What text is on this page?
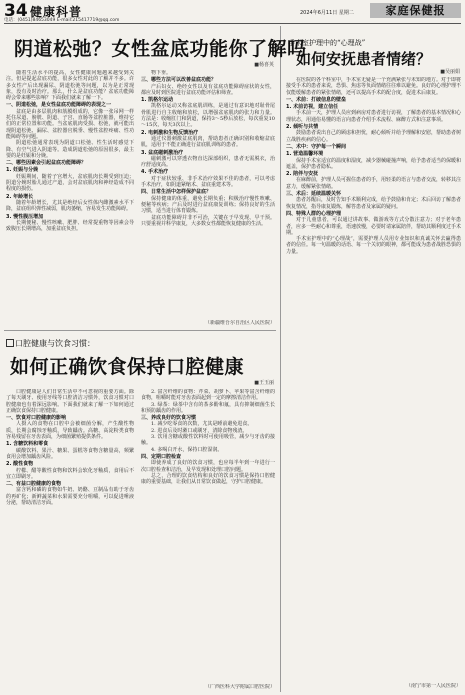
34 健康科普
电话：(0451)84653049 E-mail:215417719@qq.com
2024年6月11日 星期二	家庭保健报
阴道松弛？女性盆底功能你了解吗
■杨喜英

随着生活水平的提高，女性健康问题越来越受到关注。但是提起盆底功能，很多女性对此的了解并不多。许多女性产后出现漏尿、阴道松弛等问题，以为是正常现象，没有及时治疗。那么，什么是盆底功能？盆底功能障碍会带来哪些影响？下面我们就来了解一下。

一、阴道松弛，是女性盆底功能障碍的表现之一

盆底是由多层肌肉和筋膜组成的，它像一张吊网一样托住尿道、膀胱、阴道、子宫、直肠等盆腔脏器，维持它们的正常位置和功能。当盆底肌肉受损、松弛，就可能出现阴道松弛、漏尿、盆腔器官脱垂、慢性盆腔疼痛、性功能障碍等问题。

阴道松弛通常表现为阴道口松弛、性生活时感觉下降、有空气进入阴道等。造成阴道松弛的原因很多，最主要的是妊娠和分娩。

二、哪些因素会引起盆底功能障碍？
1. 妊娠与分娩

妊娠期间，随着子宫增大，盆底肌肉长期受到压迫；阴道分娩时胎儿通过产道，会对盆底肌肉和神经造成不同程度的损伤。

2. 年龄增长

随着年龄增长，尤其是绝经后女性体内雌激素水平下降，盆底组织弹性减弱，肌肉萎缩，容易发生功能障碍。

3. 慢性腹压增加

长期便秘、慢性咳嗽、肥胖、经常提重物等因素会导致腹压长期增高，加重盆底负担。

物下垂。

三、哪些方法可以改善盆底功能？

产后妇女、绝经女性以及有盆底功能障碍症状的女性，都应及时到医院进行盆底功能评估和筛查。

1. 凯格尔运动

凯格尔运动又称盆底肌训练，是通过有意识地对耻骨尾骨肌进行自主收缩和放松，以增强盆底肌肉的张力和力量。方法是：收缩肛门和阴道，保持3～5秒后放松，每次重复10～15次，每天3次以上。

2. 电刺激和生物反馈治疗

通过仪器刺激盆底肌肉，帮助患者正确识别和收缩盆底肌，适用于不能正确进行盆底肌训练的患者。

3. 盆底磁刺激治疗

磁刺激可以穿透衣物直达深部组织，患者无需脱衣，治疗舒适度高。

4. 手术治疗

对于症状较重、非手术治疗效果不佳的患者，可以考虑手术治疗，如阴道紧缩术、盆底重建术等。

四、日常生活中怎样保护盆底？

保持健康的体重，避免长期负重；积极治疗慢性咳嗽、便秘等疾病；产后及时进行盆底康复训练；保持良好的生活习惯，适当进行体育锻炼。

盆底功能障碍并非不可治，关键在于早发现、早干预。只要重视并科学康复，大多数女性都能恢复健康的生活。

（新疆维吾尔自治区人民医院）
口腔健康与饮食习惯：
如何正确饮食保持口腔健康
■王玉丽

口腔健康是人们日常生活中不可忽视的重要方面。除了每天刷牙、使用牙线等口腔清洁习惯外，饮食习惯对口腔健康也有着深远影响。下面我们就来了解一下如何通过正确饮食保持口腔健康。

一、饮食对口腔健康的影响

人摄入的食物在口腔中会被细菌分解，产生酸性物质，长期会腐蚀牙釉质，导致龋齿。高糖、高淀粉类食物容易残留在牙齿表面，为细菌繁殖提供条件。

1. 含糖饮料和零食

碳酸饮料、果汁、糖果、蛋糕等食物含糖量高，频繁食用会增加龋齿风险。

2. 酸性食物

柠檬、醋等酸性食物和饮料会软化牙釉质，食用后不宜立即刷牙。

二、有益口腔健康的食物

富含钙和磷的食物如牛奶、奶酪、豆制品有助于牙齿的再矿化；新鲜蔬菜和水果需要充分咀嚼，可以促进唾液分泌，帮助清洁牙面。

2. 富含纤维的食物：芹菜、胡萝卜、苹果等富含纤维的食物，咀嚼时能对牙齿表面起到一定的摩擦清洁作用。

3. 绿茶：绿茶中含有的茶多酚和氟，具有抑制细菌生长和预防龋齿的作用。

三、养成良好的饮食习惯

1. 减少吃零食的次数，尤其是睡前避免进食。

2. 进食后及时漱口或刷牙，清除食物残渣。

3. 饮用含糖或酸性饮料时可使用吸管，减少与牙齿的接触。

4. 多喝白开水，保持口腔湿润。

四、定期口腔检查

即使养成了良好的饮食习惯，也应每半年到一年进行一次口腔检查和洁治，及早发现和处理口腔问题。

总之，合理的饮食结构和良好的饮食习惯是保持口腔健康的重要基础，让我们从日常饮食做起，守护口腔健康。

（广西医科大学附属口腔医院）
手术室护理中的“心理战”
如何安抚患者情绪？
■吴丽娟

在医院的各个科室中，手术室无疑是一个充满紧张与未知的地方。对于即将接受手术的患者来说，恐惧、焦虑等负面情绪往往难以避免。良好的心理护理不仅能缓解患者的紧张情绪，还可以提高手术的配合度，促进术后康复。

一、术前：打破信息的壁垒
1. 术前访视，建立信任

手术前一天，护理人员应到病房对患者进行访视，了解患者的基本情况和心理状态，用通俗易懂的语言向患者介绍手术流程、麻醉方式和注意事项。

2. 倾听与共情

鼓励患者说出自己的顾虑和担忧，耐心倾听并给予理解和安慰，帮助患者树立战胜疾病的信心。

二、术中：守护每一个瞬间
1. 营造温馨环境

保持手术室适宜的温度和湿度，减少器械碰撞声响，给予患者适当的保暖和遮盖，保护患者隐私。

2. 陪伴与安抚

在麻醉前，护理人员可握住患者的手，用轻柔的语言与患者交流，转移其注意力，缓解紧张情绪。

三、术后：延续温暖关怀

患者苏醒后，及时告知手术顺利完成，给予鼓励和肯定；术后回访了解患者恢复情况，指导康复锻炼，解答患者及家属的疑问。

四、特殊人群的心理护理

对于儿童患者，可以通过讲故事、做游戏等方式分散注意力；对于老年患者，应多一些耐心和尊重，语速放慢，必要时请家属陪伴，帮助其顺利度过手术期。

手术室护理中的“心理战”，需要护理人员用专业知识和真诚关怀去赢得患者的信任。每一句温暖的话语、每一个关切的眼神，都可能成为患者战胜恐惧的力量。

（南宁市第一人民医院）
